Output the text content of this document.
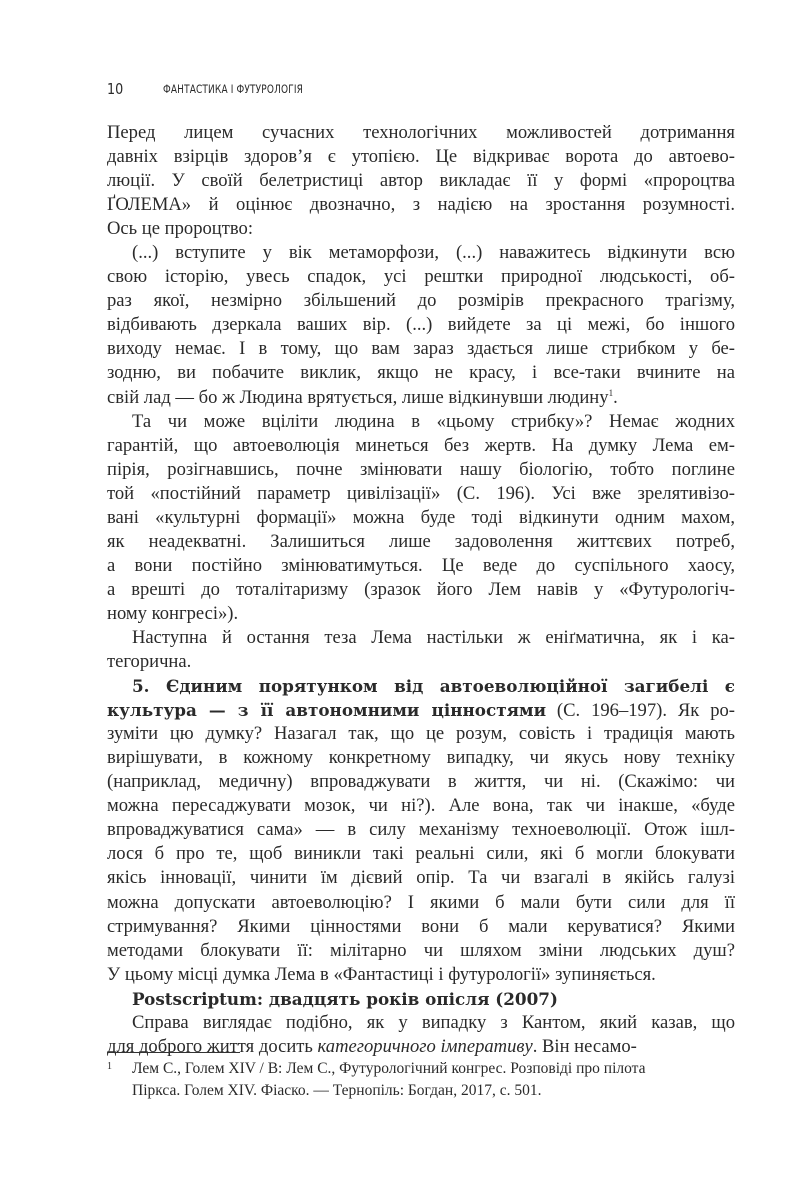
10	ФАНТАСТИКА І ФУТУРОЛОГІЯ
Перед лицем сучасних технологічних можливостей дотримання
давніх взірців здоров’я є утопією. Це відкриває ворота до автоево-
люції. У своїй белетристиці автор викладає її у формі «пророцтва
ҐОЛЕМА» й оцінює двозначно, з надією на зростання розумності.
Ось це пророцтво:
(...) вступите у вік метаморфози, (...) наважитесь відкинути всю
свою історію, увесь спадок, усі рештки природної людськості, об-
раз якої, незмірно збільшений до розмірів прекрасного трагізму,
відбивають дзеркала ваших вір. (...) вийдете за ці межі, бо іншого
виходу немає. І в тому, що вам зараз здається лише стрибком у бе-
зодню, ви побачите виклик, якщо не красу, і все-таки вчините на
свій лад — бо ж Людина врятується, лише відкинувши людину$^1$.
Та чи може вціліти людина в «цьому стрибку»? Немає жодних
гарантій, що автоеволюція минеться без жертв. На думку Лема ем-
пірія, розігнавшись, почне змінювати нашу біологію, тобто поглине
той «постійний параметр цивілізації» (С. 196). Усі вже зрелятивізо-
вані «культурні формації» можна буде тоді відкинути одним махом,
як неадекватні. Залишиться лише задоволення життєвих потреб,
а вони постійно змінюватимуться. Це веде до суспільного хаосу,
а врешті до тоталітаризму (зразок його Лем навів у «Футурологіч-
ному конгресі»).
Наступна й остання теза Лема настільки ж еніґматична, як і ка-
тегорична.
5. Єдиним порятунком від автоеволюційної загибелі є
культура — з її автономними цінностями (С. 196–197). Як ро-
зуміти цю думку? Назагал так, що це розум, совість і традиція мають
вирішувати, в кожному конкретному випадку, чи якусь нову техніку
(наприклад, медичну) впроваджувати в життя, чи ні. (Скажімо: чи
можна пересаджувати мозок, чи ні?). Але вона, так чи інакше, «буде
впроваджуватися сама» — в силу механізму техноеволюції. Отож ішл-
лося б про те, щоб виникли такі реальні сили, які б могли блокувати
якісь інновації, чинити їм дієвий опір. Та чи взагалі в якійсь галузі
можна допускати автоеволюцію? І якими б мали бути сили для її
стримування? Якими цінностями вони б мали керуватися? Якими
методами блокувати її: мілітарно чи шляхом зміни людських душ?
У цьому місці думка Лема в «Фантастиці і футурології» зупиняється.
Postscriptum: двадцять років опісля (2007)
Справа виглядає подібно, як у випадку з Кантом, який казав, що
для доброго життя досить категоричного імперативу. Він несамо-
1	Лем С., Голем XIV / В: Лем С., Футурологічний конгрес. Розповіді про пілота
Піркса. Голем XIV. Фіаско. — Тернопіль: Богдан, 2017, с. 501.
